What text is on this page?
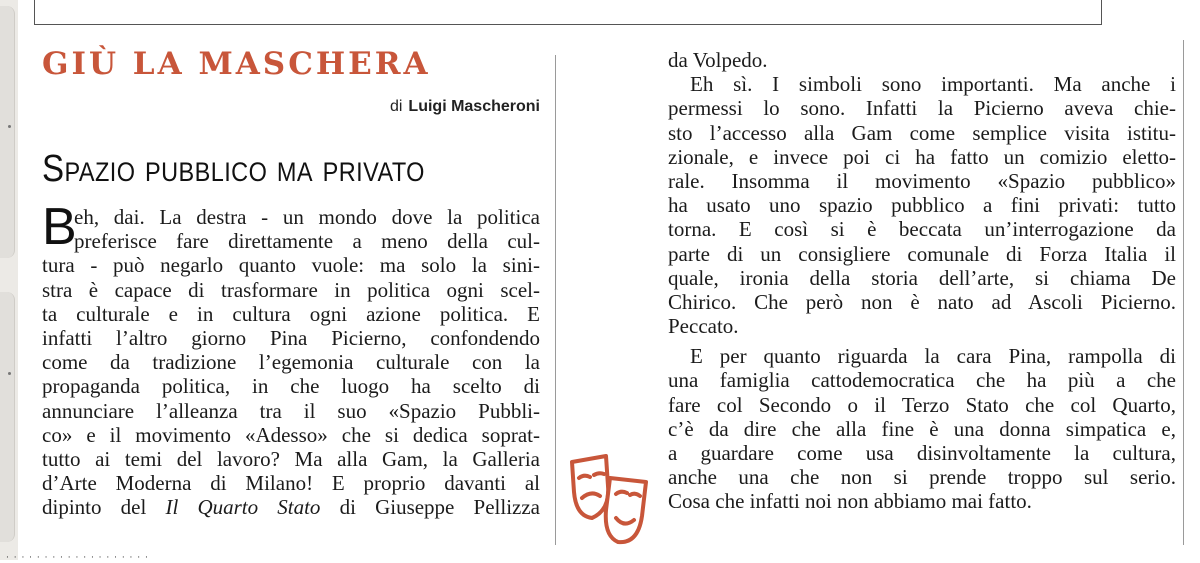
GIÙ LA MASCHERA
di Luigi Mascheroni
Spazio pubblico ma privato
B
eh, dai. La destra - un mondo dove la politica
preferisce fare direttamente a meno della cul-
tura - può negarlo quanto vuole: ma solo la sini-
stra è capace di trasformare in politica ogni scel-
ta culturale e in cultura ogni azione politica. E
infatti l’altro giorno Pina Picierno, confondendo
come da tradizione l’egemonia culturale con la
propaganda politica, in che luogo ha scelto di
annunciare l’alleanza tra il suo «Spazio Pubbli-
co» e il movimento «Adesso» che si dedica soprat-
tutto ai temi del lavoro? Ma alla Gam, la Galleria
d’Arte Moderna di Milano! E proprio davanti al
dipinto del Il Quarto Stato di Giuseppe Pellizza
da Volpedo.
Eh sì. I simboli sono importanti. Ma anche i
permessi lo sono. Infatti la Picierno aveva chie-
sto l’accesso alla Gam come semplice visita istitu-
zionale, e invece poi ci ha fatto un comizio eletto-
rale. Insomma il movimento «Spazio pubblico»
ha usato uno spazio pubblico a fini privati: tutto
torna. E così si è beccata un’interrogazione da
parte di un consigliere comunale di Forza Italia il
quale, ironia della storia dell’arte, si chiama De
Chirico. Che però non è nato ad Ascoli Picierno.
Peccato.
E per quanto riguarda la cara Pina, rampolla di
una famiglia cattodemocratica che ha più a che
fare col Secondo o il Terzo Stato che col Quarto,
c’è da dire che alla fine è una donna simpatica e,
a guardare come usa disinvoltamente la cultura,
anche una che non si prende troppo sul serio.
Cosa che infatti noi non abbiamo mai fatto.
· · · · · · · · · · · · · · · · · · ·
